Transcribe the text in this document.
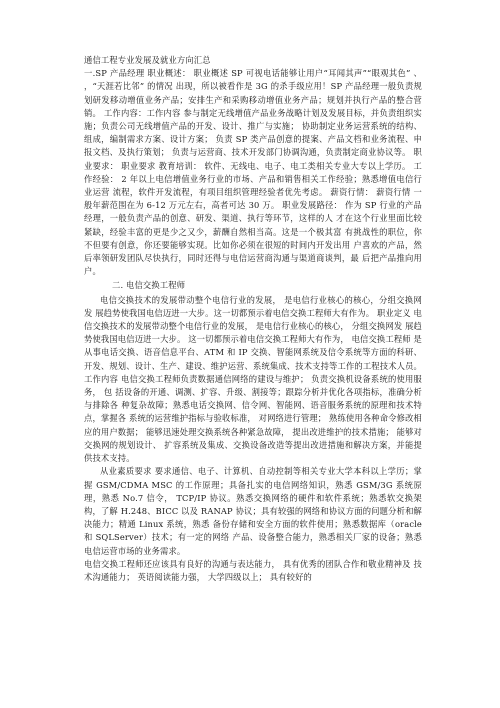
通信工程专业发展及就业方向汇总

一.SP 产品经理 职业概述： 职业概述 SP 可视电话能够让用户“耳闻其声”“眼观其色” 、 ，“天涯若比邻” 的情况 出现，所以被看作是 3G 的杀手级应用！SP 产品经理一般负责规划研发移动增值业务产品；安排生产和采购移动增值业务产品；规划并执行产品的整合营销。 工作内容：工作内容 参与制定无线增值产品业务战略计划及发展目标，并负责组织实施；负责公司无线增值产品的开发、设计、推广与实施； 协助制定业务运营系统的结构、组成，编制需求方案、设计方案； 负责 SP 类产品创意的提案、产品文档和业务流程、申报文档、及执行策划； 负责与运营商、技术开发部门协调沟通，负责制定商业协议等。 职业要求： 职业要求 教育培训： 软件、无线电、电子、电工类相关专业大专以上学历。 工作经验： 2 年以上电信增值业务行业的市场、产品和销售相关工作经验；熟悉增值电信行业运营 流程，软件开发流程，有项目组织管理经验者优先考虑。 薪资行情： 薪资行情 一般年薪范围在为 6-12 万元左右，高者可达 30 万。 职业发展路径： 作为 SP 行业的产品经理，一般负责产品的创意、研发、渠道、执行等环节，这样的人 才在这个行业里面比较紧缺，经验丰富的更是少之又少，薪酬自然相当高。这是一个极其富 有挑战性的职位，你不但要有创意，你还要能够实现。比如你必须在很短的时间内开发出用 户喜欢的产品，然后率领研发团队尽快执行，同时还得与电信运营商沟通与渠道商谈判，最 后把产品推向用户。

二. 电信交换工程师

电信交换技术的发展带动整个电信行业的发展， 是电信行业核心的核心，分组交换网发 展趋势使我国电信迈进一大步。这一切都预示着电信交换工程师大有作为。 职业定义 电信交换技术的发展带动整个电信行业的发展， 是电信行业核心的核心， 分组交换网发 展趋势使我国电信迈进一大步。 这一切都预示着电信交换工程师大有作为， 电信交换工程师 是从事电话交换、语音信息平台、ATM 和 IP 交换、智能网系统及信令系统等方面的科研、 开发、规划、设计、生产、建设、维护运营、系统集成、技术支持等工作的工程技术人员。 工作内容 电信交换工程师负责数据通信网络的建设与维护； 负责交换机设备系统的使用服务， 包 括设备的开通、调测、扩容、升级、割接等；跟踪分析并优化各项指标，准确分析与排除各 种复杂故障；熟悉电话交换网、信令网、智能网、语音服务系统的原理和技术特点，掌握各 系统的运营维护指标与验收标准， 对网络进行管理； 熟练使用各种命令修改相应的用户数据； 能够迅速处理交换系统各种紧急故障， 提出改进维护的技术措施； 能够对交换网的规划设计、 扩容系统及集成、交换设备改造等提出改进措施和解决方案，并能提供技术支持。

从业素质要求 要求通信、电子、计算机、自动控制等相关专业大学本科以上学历；掌握 GSM/CDMA MSC 的工作原理；具备扎实的电信网络知识，熟悉 GSM/3G 系统原理，熟悉 No.7 信令， TCP/IP 协议。熟悉交换网络的硬件和软件系统；熟悉软交换架构，了解 H.248、BICC 以及 RANAP 协议；具有较强的网络和协议方面的问题分析和解决能力；精通 Linux 系统，熟悉 备份存储和安全方面的软件使用；熟悉数据库（oracle 和 SQLServer）技术；有一定的网络 产品、设备整合能力，熟悉相关厂家的设备；熟悉电信运营市场的业务需求。

电信交换工程师还应该具有良好的沟通与表达能力， 具有优秀的团队合作和敬业精神及 技术沟通能力； 英语阅读能力强， 大学四级以上； 具有较好的
